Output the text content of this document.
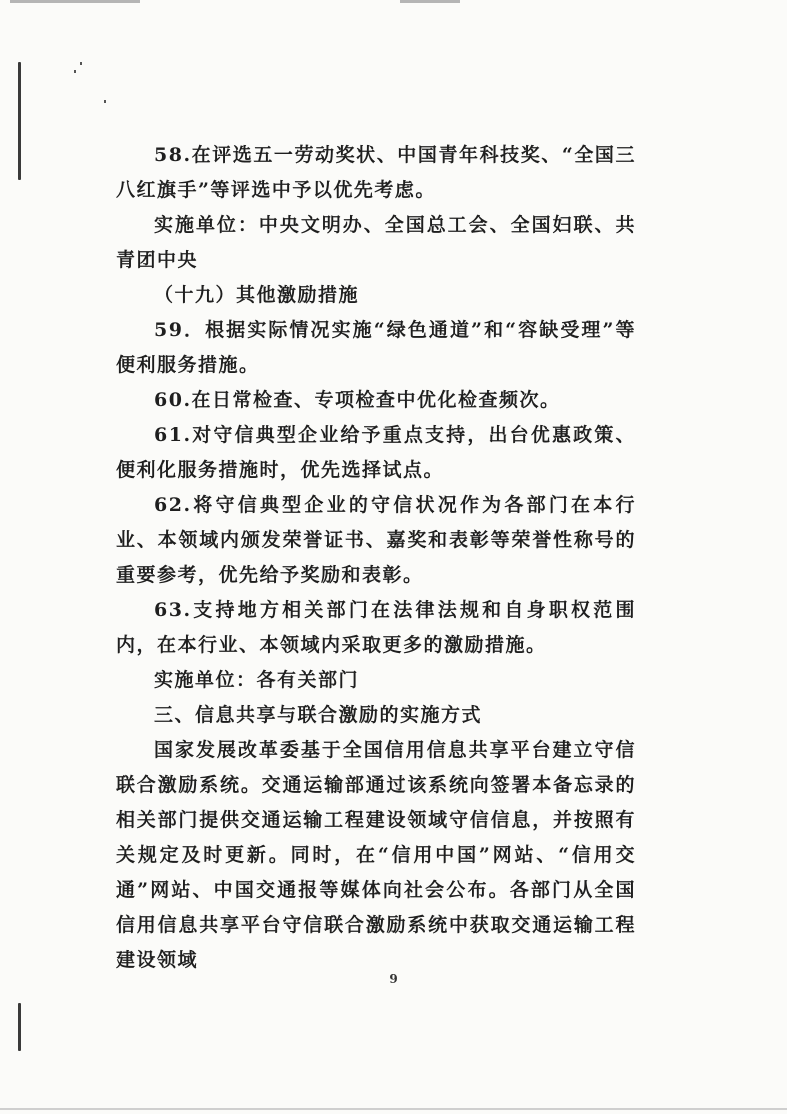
58.在评选五一劳动奖状、中国青年科技奖、“全国三八红旗手”等评选中予以优先考虑。

实施单位：中央文明办、全国总工会、全国妇联、共青团中央

（十九）其他激励措施

59．根据实际情况实施“绿色通道”和“容缺受理”等便利服务措施。

60.在日常检查、专项检查中优化检查频次。

61.对守信典型企业给予重点支持，出台优惠政策、便利化服务措施时，优先选择试点。

62.将守信典型企业的守信状况作为各部门在本行业、本领域内颁发荣誉证书、嘉奖和表彰等荣誉性称号的重要参考，优先给予奖励和表彰。

63.支持地方相关部门在法律法规和自身职权范围内，在本行业、本领域内采取更多的激励措施。

实施单位：各有关部门

三、信息共享与联合激励的实施方式

国家发展改革委基于全国信用信息共享平台建立守信联合激励系统。交通运输部通过该系统向签署本备忘录的相关部门提供交通运输工程建设领域守信信息，并按照有关规定及时更新。同时，在“信用中国”网站、“信用交通”网站、中国交通报等媒体向社会公布。各部门从全国信用信息共享平台守信联合激励系统中获取交通运输工程建设领域

9
